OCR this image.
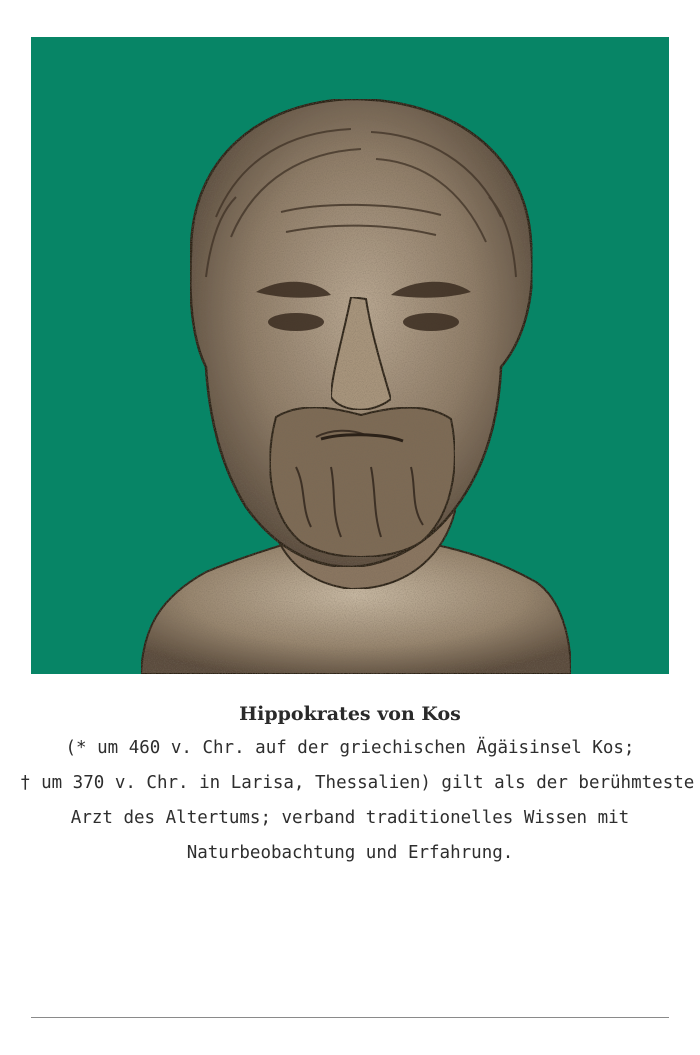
Hippokrates von Kos
(* um 460 v. Chr. auf der griechischen Ägäisinsel Kos;
† um 370 v. Chr. in Larisa, Thessalien) gilt als der berühmteste
Arzt des Altertums; verband traditionelles Wissen mit
Naturbeobachtung und Erfahrung.
